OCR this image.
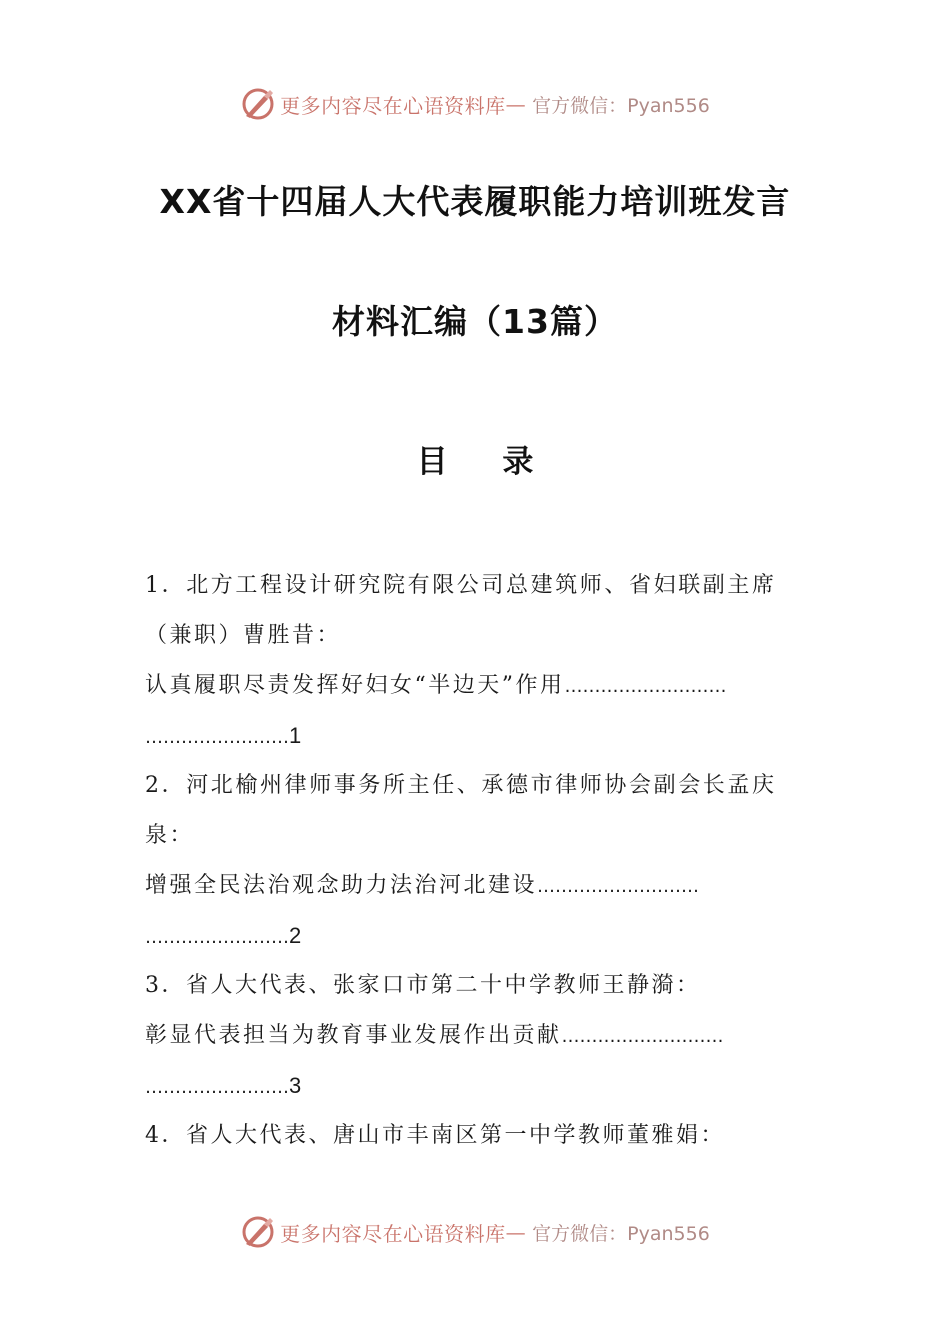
更多内容尽在心语资料库 — 官方微信：Pyan556
XX省十四届人大代表履职能力培训班发言
材料汇编（13篇）
目 录
1．北方工程设计研究院有限公司总建筑师、省妇联副主席
（兼职）曹胜昔：
认真履职尽责发挥好妇女“半边天”作用………………………
……………………1
2．河北榆州律师事务所主任、承德市律师协会副会长孟庆
泉：
增强全民法治观念助力法治河北建设………………………
……………………2
3．省人大代表、张家口市第二十中学教师王静漪：
彰显代表担当为教育事业发展作出贡献………………………
……………………3
4．省人大代表、唐山市丰南区第一中学教师董雅娟：
更多内容尽在心语资料库 — 官方微信：Pyan556
